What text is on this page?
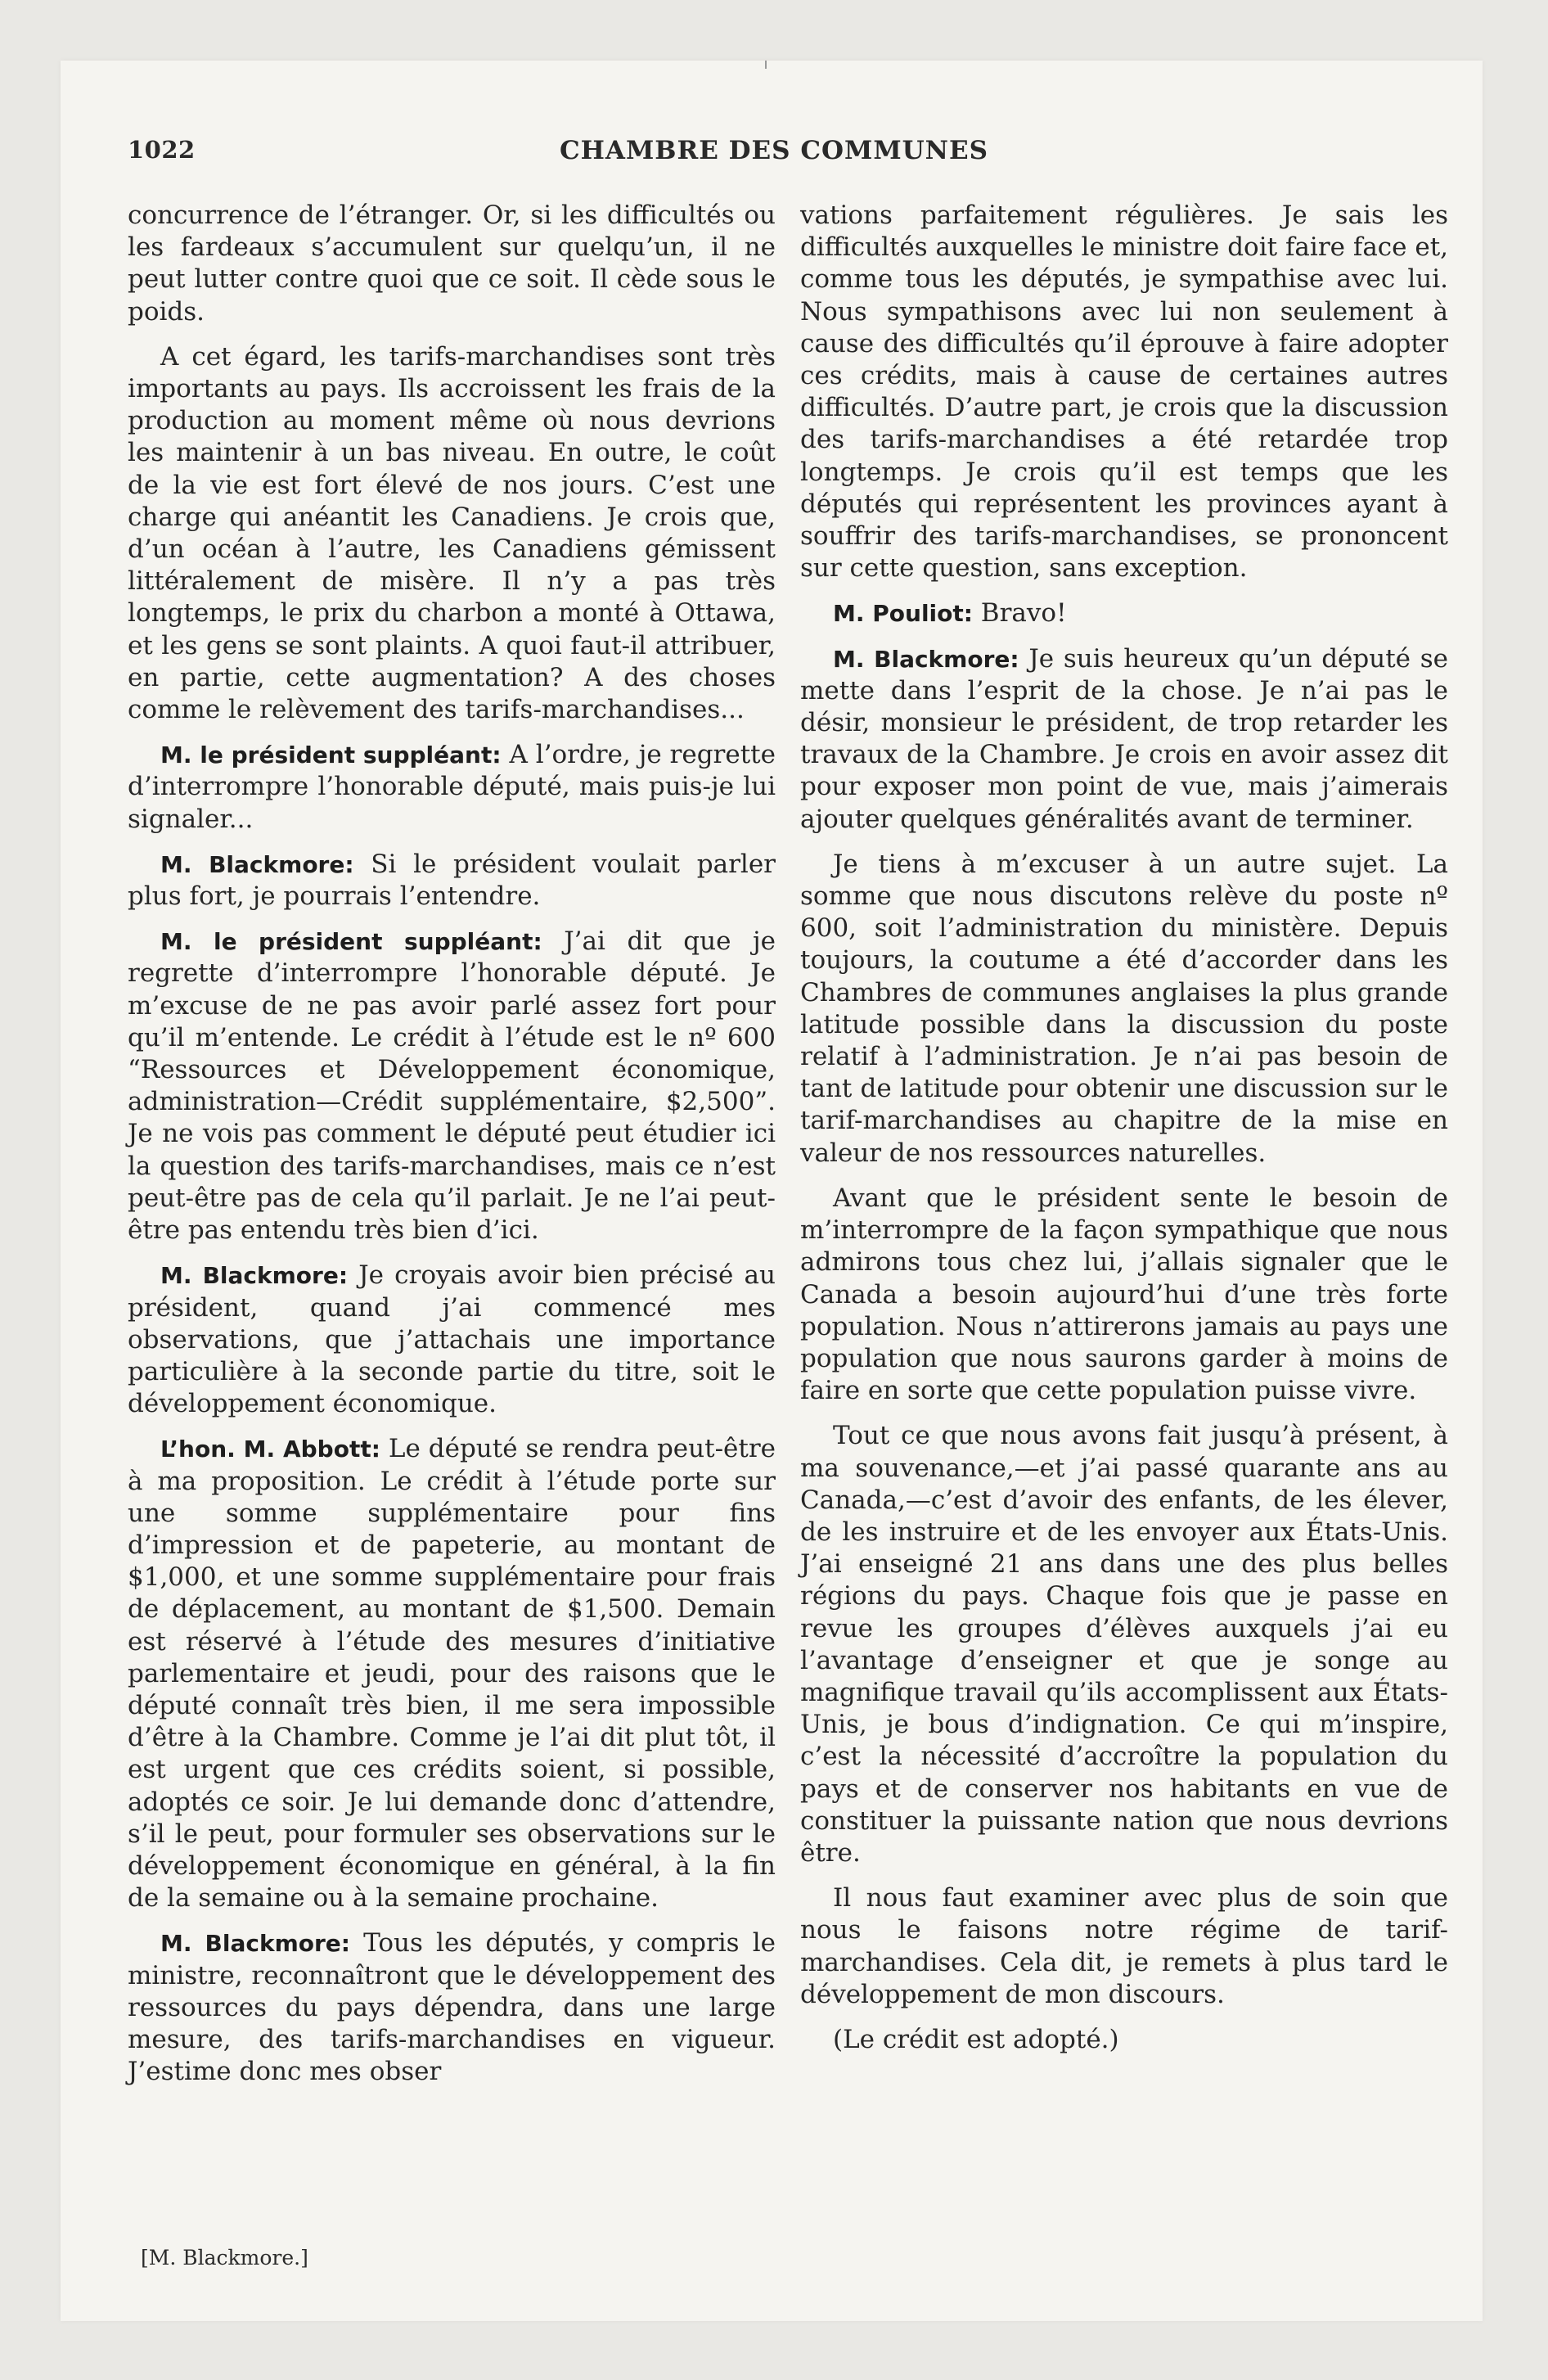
1022	CHAMBRE DES COMMUNES

concurrence de l’étranger. Or, si les difficultés ou les fardeaux s’accumulent sur quelqu’un, il ne peut lutter contre quoi que ce soit. Il cède sous le poids.

A cet égard, les tarifs-marchandises sont très importants au pays. Ils accroissent les frais de la production au moment même où nous devrions les maintenir à un bas niveau. En outre, le coût de la vie est fort élevé de nos jours. C’est une charge qui anéantit les Canadiens. Je crois que, d’un océan à l’autre, les Canadiens gémissent littéralement de misère. Il n’y a pas très longtemps, le prix du charbon a monté à Ottawa, et les gens se sont plaints. A quoi faut-il attribuer, en partie, cette augmentation? A des choses comme le relèvement des tarifs-marchandises...

M. le président suppléant: A l’ordre, je regrette d’interrompre l’honorable député, mais puis-je lui signaler...

M. Blackmore: Si le président voulait parler plus fort, je pourrais l’entendre.

M. le président suppléant: J’ai dit que je regrette d’interrompre l’honorable député. Je m’excuse de ne pas avoir parlé assez fort pour qu’il m’entende. Le crédit à l’étude est le nº 600 “Ressources et Développement économique, administration—Crédit supplémentaire, $2,500”. Je ne vois pas comment le député peut étudier ici la question des tarifs-marchandises, mais ce n’est peut-être pas de cela qu’il parlait. Je ne l’ai peut-être pas entendu très bien d’ici.

M. Blackmore: Je croyais avoir bien précisé au président, quand j’ai commencé mes observations, que j’attachais une importance particulière à la seconde partie du titre, soit le développement économique.

L’hon. M. Abbott: Le député se rendra peut-être à ma proposition. Le crédit à l’étude porte sur une somme supplémentaire pour fins d’impression et de papeterie, au montant de $1,000, et une somme supplémentaire pour frais de déplacement, au montant de $1,500. Demain est réservé à l’étude des mesures d’initiative parlementaire et jeudi, pour des raisons que le député connaît très bien, il me sera impossible d’être à la Chambre. Comme je l’ai dit plut tôt, il est urgent que ces crédits soient, si possible, adoptés ce soir. Je lui demande donc d’attendre, s’il le peut, pour formuler ses observations sur le développement économique en général, à la fin de la semaine ou à la semaine prochaine.

M. Blackmore: Tous les députés, y compris le ministre, reconnaîtront que le développement des ressources du pays dépendra, dans une large mesure, des tarifs-marchandises en vigueur. J’estime donc mes obser

[M. Blackmore.]

vations parfaitement régulières. Je sais les difficultés auxquelles le ministre doit faire face et, comme tous les députés, je sympathise avec lui. Nous sympathisons avec lui non seulement à cause des difficultés qu’il éprouve à faire adopter ces crédits, mais à cause de certaines autres difficultés. D’autre part, je crois que la discussion des tarifs-marchandises a été retardée trop longtemps. Je crois qu’il est temps que les députés qui représentent les provinces ayant à souffrir des tarifs-marchandises, se prononcent sur cette question, sans exception.

M. Pouliot: Bravo!

M. Blackmore: Je suis heureux qu’un député se mette dans l’esprit de la chose. Je n’ai pas le désir, monsieur le président, de trop retarder les travaux de la Chambre. Je crois en avoir assez dit pour exposer mon point de vue, mais j’aimerais ajouter quelques généralités avant de terminer.

Je tiens à m’excuser à un autre sujet. La somme que nous discutons relève du poste nº 600, soit l’administration du ministère. Depuis toujours, la coutume a été d’accorder dans les Chambres de communes anglaises la plus grande latitude possible dans la discussion du poste relatif à l’administration. Je n’ai pas besoin de tant de latitude pour obtenir une discussion sur le tarif-marchandises au chapitre de la mise en valeur de nos ressources naturelles.

Avant que le président sente le besoin de m’interrompre de la façon sympathique que nous admirons tous chez lui, j’allais signaler que le Canada a besoin aujourd’hui d’une très forte population. Nous n’attirerons jamais au pays une population que nous saurons garder à moins de faire en sorte que cette population puisse vivre.

Tout ce que nous avons fait jusqu’à présent, à ma souvenance,—et j’ai passé quarante ans au Canada,—c’est d’avoir des enfants, de les élever, de les instruire et de les envoyer aux États-Unis. J’ai enseigné 21 ans dans une des plus belles régions du pays. Chaque fois que je passe en revue les groupes d’élèves auxquels j’ai eu l’avantage d’enseigner et que je songe au magnifique travail qu’ils accomplissent aux États-Unis, je bous d’indignation. Ce qui m’inspire, c’est la nécessité d’accroître la population du pays et de conserver nos habitants en vue de constituer la puissante nation que nous devrions être.

Il nous faut examiner avec plus de soin que nous le faisons notre régime de tarif-marchandises. Cela dit, je remets à plus tard le développement de mon discours.

(Le crédit est adopté.)
